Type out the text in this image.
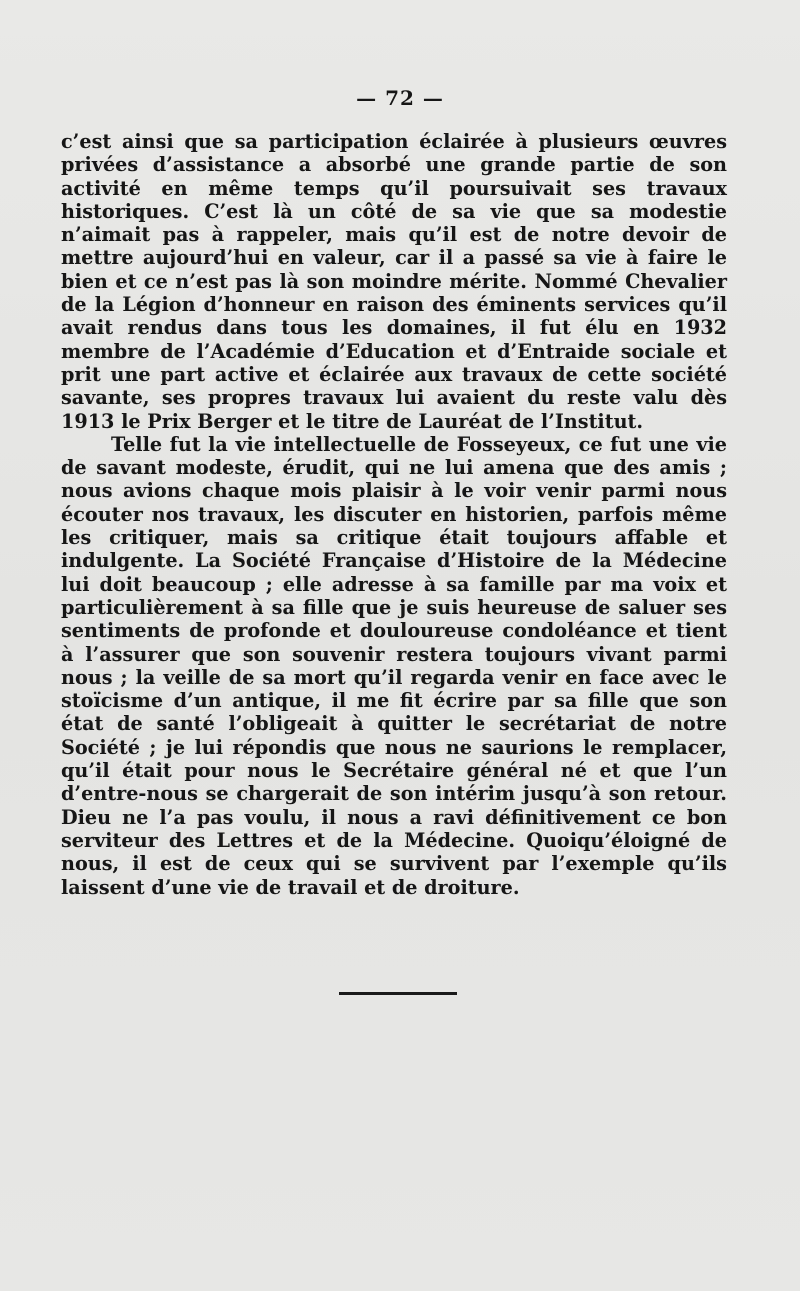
— 72 —

c’est ainsi que sa participation éclairée à plusieurs œuvres privées d’assistance a absorbé une grande partie de son activité en même temps qu’il poursuivait ses travaux historiques. C’est là un côté de sa vie que sa modestie n’aimait pas à rappeler, mais qu’il est de notre devoir de mettre aujourd’hui en valeur, car il a passé sa vie à faire le bien et ce n’est pas là son moindre mérite. Nommé Chevalier de la Légion d’honneur en raison des éminents services qu’il avait rendus dans tous les domaines, il fut élu en 1932 membre de l’Académie d’Education et d’Entraide sociale et prit une part active et éclairée aux travaux de cette société savante, ses propres travaux lui avaient du reste valu dès 1913 le Prix Berger et le titre de Lauréat de l’Institut.

Telle fut la vie intellectuelle de Fosseyeux, ce fut une vie de savant modeste, érudit, qui ne lui amena que des amis ; nous avions chaque mois plaisir à le voir venir parmi nous écouter nos travaux, les discuter en historien, parfois même les critiquer, mais sa critique était toujours affable et indulgente. La Société Française d’Histoire de la Médecine lui doit beaucoup ; elle adresse à sa famille par ma voix et particulièrement à sa fille que je suis heureuse de saluer ses sentiments de profonde et douloureuse condoléance et tient à l’assurer que son souvenir restera toujours vivant parmi nous ; la veille de sa mort qu’il regarda venir en face avec le stoïcisme d’un antique, il me fit écrire par sa fille que son état de santé l’obligeait à quitter le secrétariat de notre Société ; je lui répondis que nous ne saurions le remplacer, qu’il était pour nous le Secrétaire général né et que l’un d’entre-nous se chargerait de son intérim jusqu’à son retour. Dieu ne l’a pas voulu, il nous a ravi définitivement ce bon serviteur des Lettres et de la Médecine. Quoiqu’éloigné de nous, il est de ceux qui se survivent par l’exemple qu’ils laissent d’une vie de travail et de droiture.
